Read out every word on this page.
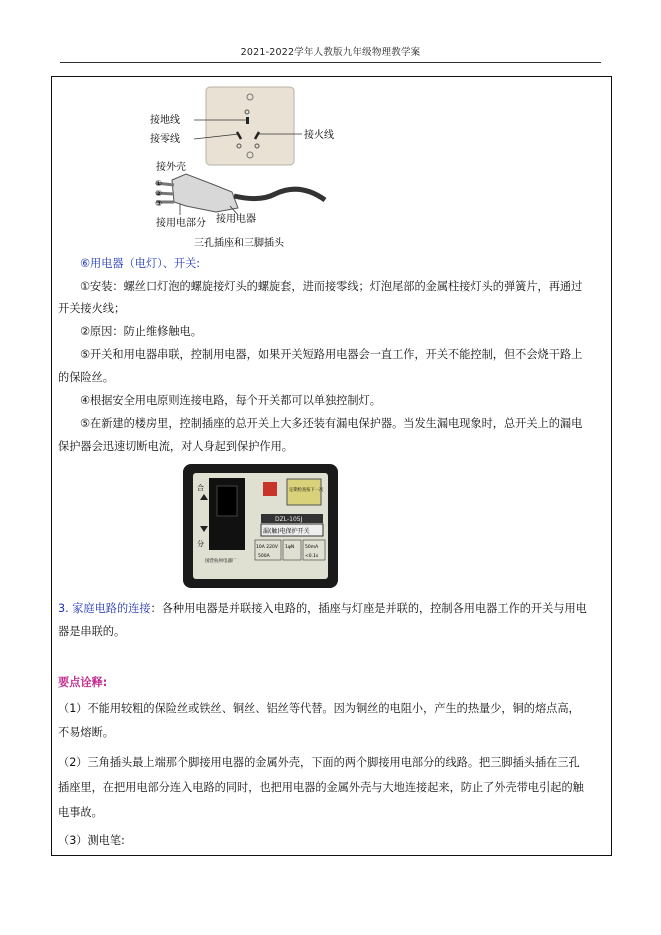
2021-2022学年人教版九年级物理教学案
接地线
接零线	接火线
接外壳
①
②
③
接用电部分 接用电器
三孔插座和三脚插头
⑥用电器（电灯）、开关:
①安装：螺丝口灯泡的螺旋接灯头的螺旋套，进而接零线；灯泡尾部的金属柱接灯头的弹簧片，再通过
开关接火线；
②原因：防止维修触电。
⑤开关和用电器串联，控制用电器，如果开关短路用电器会一直工作，开关不能控制，但不会烧干路上
的保险丝。
④根据安全用电原则连接电路，每个开关都可以单独控制灯。
⑤在新建的楼房里，控制插座的总开关上大多还装有漏电保护器。当发生漏电现象时，总开关上的漏电
保护器会迅速切断电流，对人身起到保护作用。
合
分
定期检查按下一次
DZL-105J
漏(触)电保护开关
10A 220V
500A
1φN 50mA
<0.1s
国营杭州电器厂
3. 家庭电路的连接：各种用电器是并联接入电路的，插座与灯座是并联的，控制各用电器工作的开关与用电
器是串联的。
要点诠释:
（1）不能用较粗的保险丝或铁丝、铜丝、铝丝等代替。因为铜丝的电阻小，产生的热量少，铜的熔点高，
不易熔断。
（2）三角插头最上端那个脚接用电器的金属外壳，下面的两个脚接用电部分的线路。把三脚插头插在三孔
插座里，在把用电部分连入电路的同时，也把用电器的金属外壳与大地连接起来，防止了外壳带电引起的触
电事故。
（3）测电笔:
